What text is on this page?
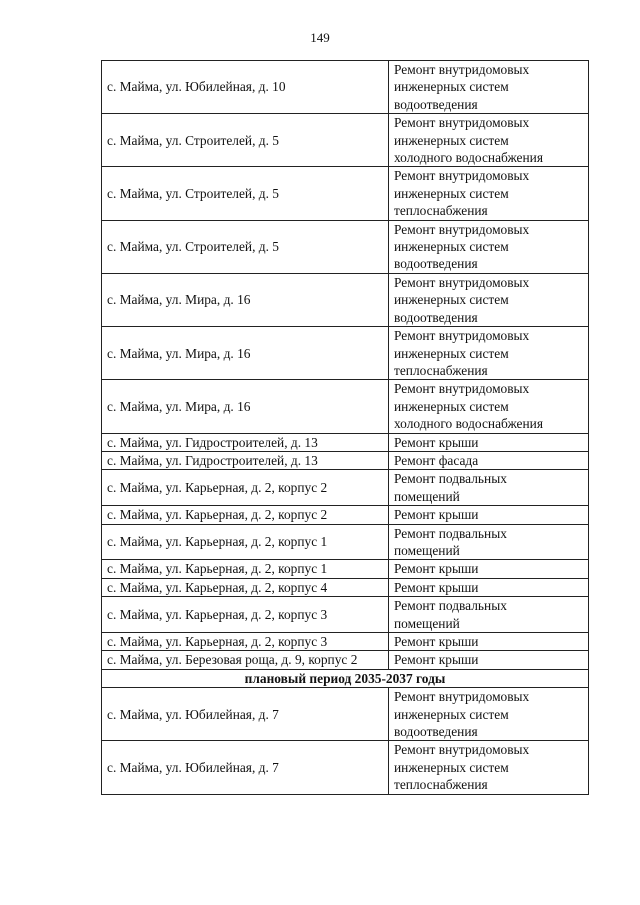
149
с. Майма, ул. Юбилейная, д. 10	Ремонт внутридомовых
инженерных систем
водоотведения

с. Майма, ул. Строителей, д. 5	Ремонт внутридомовых
инженерных систем
холодного водоснабжения

с. Майма, ул. Строителей, д. 5	Ремонт внутридомовых
инженерных систем
теплоснабжения

с. Майма, ул. Строителей, д. 5	Ремонт внутридомовых
инженерных систем
водоотведения

с. Майма, ул. Мира, д. 16	Ремонт внутридомовых
инженерных систем
водоотведения

с. Майма, ул. Мира, д. 16	Ремонт внутридомовых
инженерных систем
теплоснабжения

с. Майма, ул. Мира, д. 16	Ремонт внутридомовых
инженерных систем
холодного водоснабжения

с. Майма, ул. Гидростроителей, д. 13	Ремонт крыши

с. Майма, ул. Гидростроителей, д. 13	Ремонт фасада

с. Майма, ул. Карьерная, д. 2, корпус 2	Ремонт подвальных
помещений

с. Майма, ул. Карьерная, д. 2, корпус 2	Ремонт крыши

с. Майма, ул. Карьерная, д. 2, корпус 1	Ремонт подвальных
помещений

с. Майма, ул. Карьерная, д. 2, корпус 1	Ремонт крыши

с. Майма, ул. Карьерная, д. 2, корпус 4	Ремонт крыши

с. Майма, ул. Карьерная, д. 2, корпус 3	Ремонт подвальных
помещений

с. Майма, ул. Карьерная, д. 2, корпус 3	Ремонт крыши

с. Майма, ул. Березовая роща, д. 9, корпус 2	Ремонт крыши

плановый период 2035-2037 годы	
с. Майма, ул. Юбилейная, д. 7	Ремонт внутридомовых
инженерных систем
водоотведения

с. Майма, ул. Юбилейная, д. 7	Ремонт внутридомовых
инженерных систем
теплоснабжения
